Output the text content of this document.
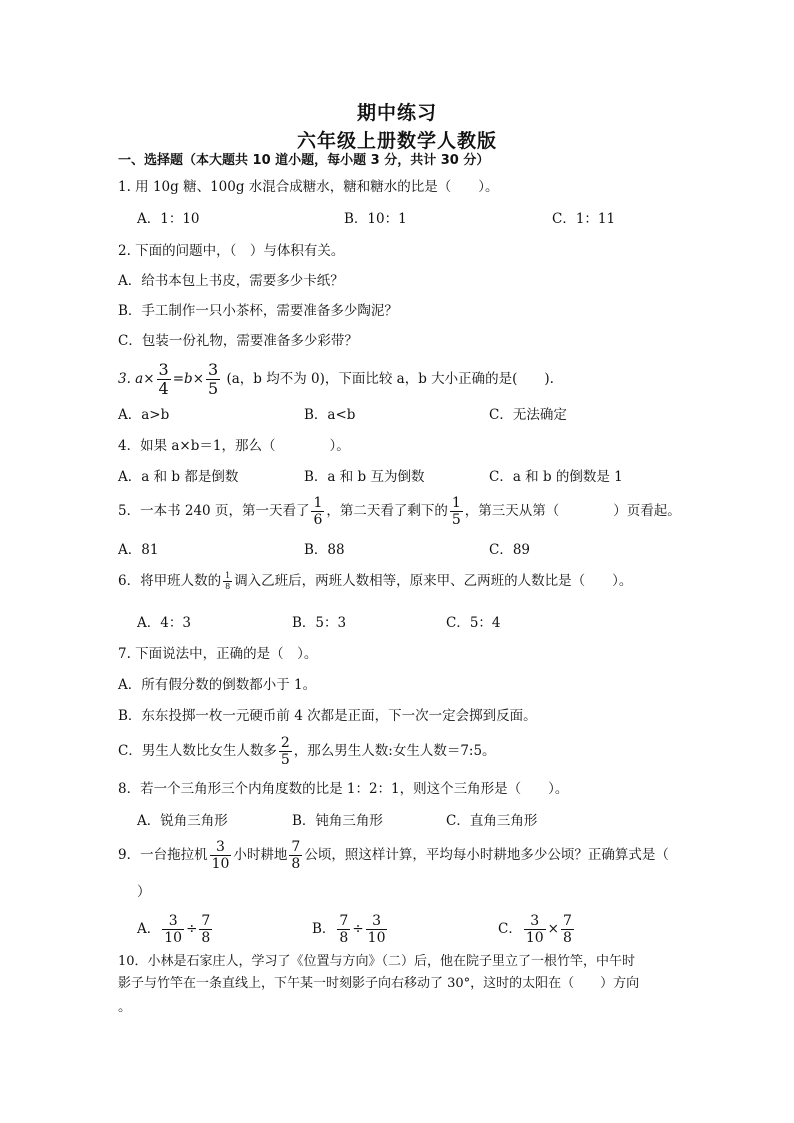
期中练习
六年级上册数学人教版
一、选择题（本大题共 10 道小题，每小题 3 分，共计 30 分）
1. 用 10g 糖、100g 水混合成糖水，糖和糖水的比是（　　）。
A．1：10	B．10：1	C．1：11
2. 下面的问题中，（　）与体积有关。
A．给书本包上书皮，需要多少卡纸？
B．手工制作一只小茶杯，需要准备多少陶泥？
C．包装一份礼物，需要准备多少彩带？
3. $a\times \frac{3}{4} =b\times \frac{3}{5} (a$，b 均不为 0)，下面比较 a，b 大小正确的是(　　).
A．a>b	B．a<b	C．无法确定
4．如果 a×b＝1，那么（　　　　）。
A．a 和 b 都是倒数	B．a 和 b 互为倒数	C．a 和 b 的倒数是 1
5．一本书 240 页，第一天看了 $\frac{1}{6}$ ，第二天看了剩下的 $\frac{1}{5}$ ，第三天从第（　　　　）页看起。
A．81	B．88	C．89
6．将甲班人数的 $\frac{1}{8}$ 调入乙班后，两班人数相等，原来甲、乙两班的人数比是（　　）。
A．4：3	B．5：3	C．5：4
7. 下面说法中，正确的是（　）。
A．所有假分数的倒数都小于 1。
B．东东投掷一枚一元硬币前 4 次都是正面，下一次一定会掷到反面。
C．男生人数比女生人数多 $\frac{2}{5}$ ，那么男生人数:女生人数＝7:5。
8．若一个三角形三个内角度数的比是 1：2：1，则这个三角形是（　　）。
A．锐角三角形	B．钝角三角形	C．直角三角形
9．一台拖拉机 $\frac{3}{10}$ 小时耕地 $\frac{7}{8}$ 公顷，照这样计算，平均每小时耕地多少公顷？正确算式是（
）
A． $\frac{3}{10} \div \frac{7}{8}$	B． $\frac{7}{8} \div \frac{3}{10}$	C． $\frac{3}{10} \times \frac{7}{8}$
10．小林是石家庄人，学习了《位置与方向》（二）后，他在院子里立了一根竹竿，中午时
影子与竹竿在一条直线上，下午某一时刻影子向右移动了 30°，这时的太阳在（　　）方向
。
